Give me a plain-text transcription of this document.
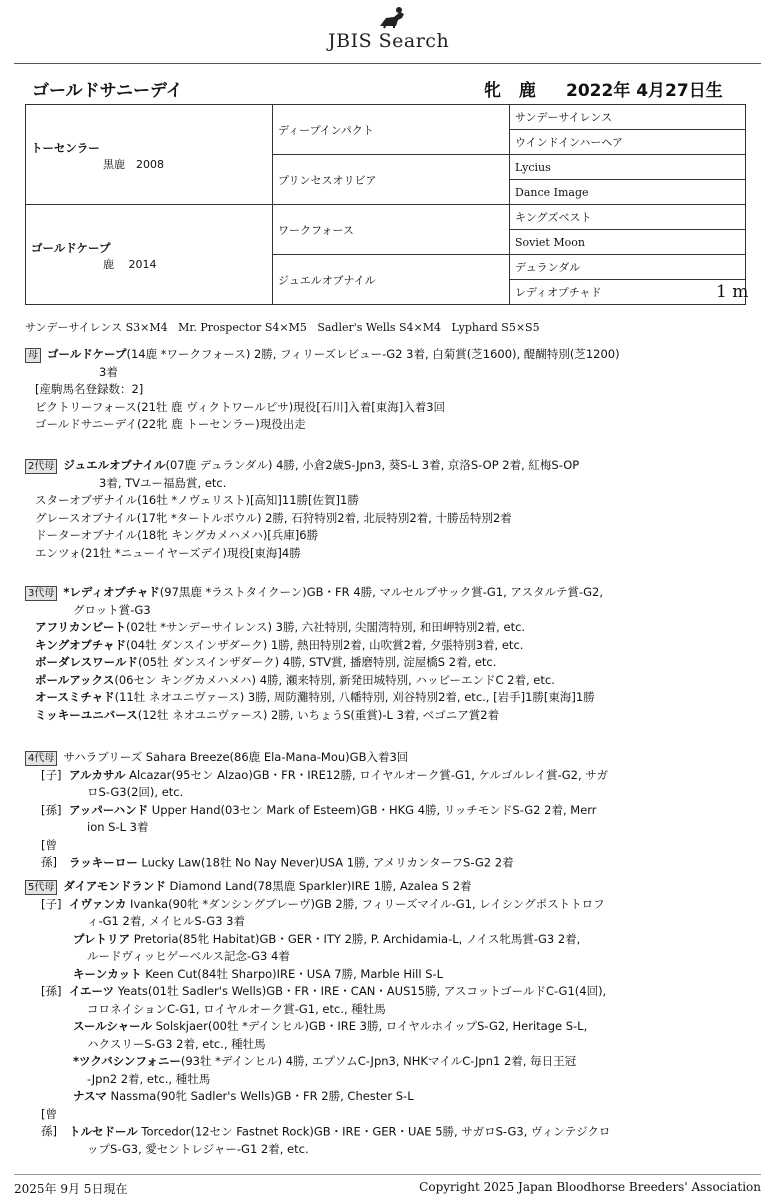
JBIS Search
ゴールドサニーデイ	牝 鹿 2022年 4月27日生
トーセンラー
黒鹿　2008	ディープインパクト	サンデーサイレンス
		ウインドインハーヘア
	プリンセスオリビア	Lycius
		Dance Image

ゴールドケープ
鹿　 2014	ワークフォース	キングズベスト
		Soviet Moon
	ジュエルオブナイル	デュランダル
		レディオプチャド	1 m
サンデーサイレンス S3×M4   Mr. Prospector S4×M5   Sadler's Wells S4×M4   Lyphard S5×S5
母 ゴールドケープ(14鹿 *ワークフォース) 2勝, フィリーズレビュー-G2 3着, 白菊賞(芝1600), 醍醐特別(芝1200)
3着
[産駒馬名登録数：2]
ビクトリーフォース(21牡 鹿 ヴィクトワールピサ)現役[石川]入着[東海]入着3回
ゴールドサニーデイ(22牝 鹿 トーセンラー)現役出走
2代母 ジュエルオブナイル(07鹿 デュランダル) 4勝, 小倉2歳S-Jpn3, 葵S-L 3着, 京洛S-OP 2着, 紅梅S-OP
3着, TVユー福島賞, etc.
スターオブザナイル(16牡 *ノヴェリスト)[高知]11勝[佐賀]1勝
グレースオブナイル(17牝 *タートルボウル) 2勝, 石狩特別2着, 北辰特別2着, 十勝岳特別2着
ドーターオブナイル(18牝 キングカメハメハ)[兵庫]6勝
エンツォ(21牡 *ニューイヤーズデイ)現役[東海]4勝
3代母 *レディオプチャド(97黒鹿 *ラストタイクーン)GB・FR 4勝, マルセルブサック賞-G1, アスタルテ賞-G2,
グロット賞-G3
アフリカンビート(02牡 *サンデーサイレンス) 3勝, 六社特別, 尖閣湾特別, 和田岬特別2着, etc.
キングオブチャド(04牡 ダンスインザダーク) 1勝, 熱田特別2着, 山吹賞2着, 夕張特別3着, etc.
ボーダレスワールド(05牡 ダンスインザダーク) 4勝, STV賞, 播磨特別, 淀屋橋S 2着, etc.
ポールアックス(06セン キングカメハメハ) 4勝, 瀬来特別, 新発田城特別, ハッピーエンドC 2着, etc.
オースミチャド(11牡 ネオユニヴァース) 3勝, 周防灘特別, 八幡特別, 刈谷特別2着, etc., [岩手]1勝[東海]1勝
ミッキーユニバース(12牡 ネオユニヴァース) 2勝, いちょうS(重賞)-L 3着, ベゴニア賞2着
4代母 サハラブリーズ Sahara Breeze(86鹿 Ela-Mana-Mou)GB入着3回
[子] アルカサル Alcazar(95セン Alzao)GB・FR・IRE12勝, ロイヤルオーク賞-G1, ケルゴルレイ賞-G2, サガ
ロS-G3(2回), etc.
[孫] アッパーハンド Upper Hand(03セン Mark of Esteem)GB・HKG 4勝, リッチモンドS-G2 2着, Merr
ion S-L 3着
[曾孫] ラッキーロー Lucky Law(18牡 No Nay Never)USA 1勝, アメリカンターフS-G2 2着
5代母 ダイアモンドランド Diamond Land(78黒鹿 Sparkler)IRE 1勝, Azalea S 2着
[子] イヴァンカ Ivanka(90牝 *ダンシングブレーヴ)GB 2勝, フィリーズマイル-G1, レイシングポストトロフ
ィ-G1 2着, メイヒルS-G3 3着
プレトリア Pretoria(85牝 Habitat)GB・GER・ITY 2勝, P. Archidamia-L, ノイス牝馬賞-G3 2着,
ルードヴィッヒゲーベルス記念-G3 4着
キーンカット Keen Cut(84牡 Sharpo)IRE・USA 7勝, Marble Hill S-L
[孫] イエーツ Yeats(01牡 Sadler's Wells)GB・FR・IRE・CAN・AUS15勝, アスコットゴールドC-G1(4回),
コロネイションC-G1, ロイヤルオーク賞-G1, etc., 種牡馬
スールシャール Solskjaer(00牡 *デインヒル)GB・IRE 3勝, ロイヤルホイップS-G2, Heritage S-L,
ハクスリーS-G3 2着, etc., 種牡馬
*ツクバシンフォニー(93牡 *デインヒル) 4勝, エプソムC-Jpn3, NHKマイルC-Jpn1 2着, 毎日王冠
-Jpn2 2着, etc., 種牡馬
ナスマ Nassma(90牝 Sadler's Wells)GB・FR 2勝, Chester S-L
[曾孫] トルセドール Torcedor(12セン Fastnet Rock)GB・IRE・GER・UAE 5勝, サガロS-G3, ヴィンテジクロ
ップS-G3, 愛セントレジャー-G1 2着, etc.
2025年 9月 5日現在	Copyright 2025 Japan Bloodhorse Breeders' Association
